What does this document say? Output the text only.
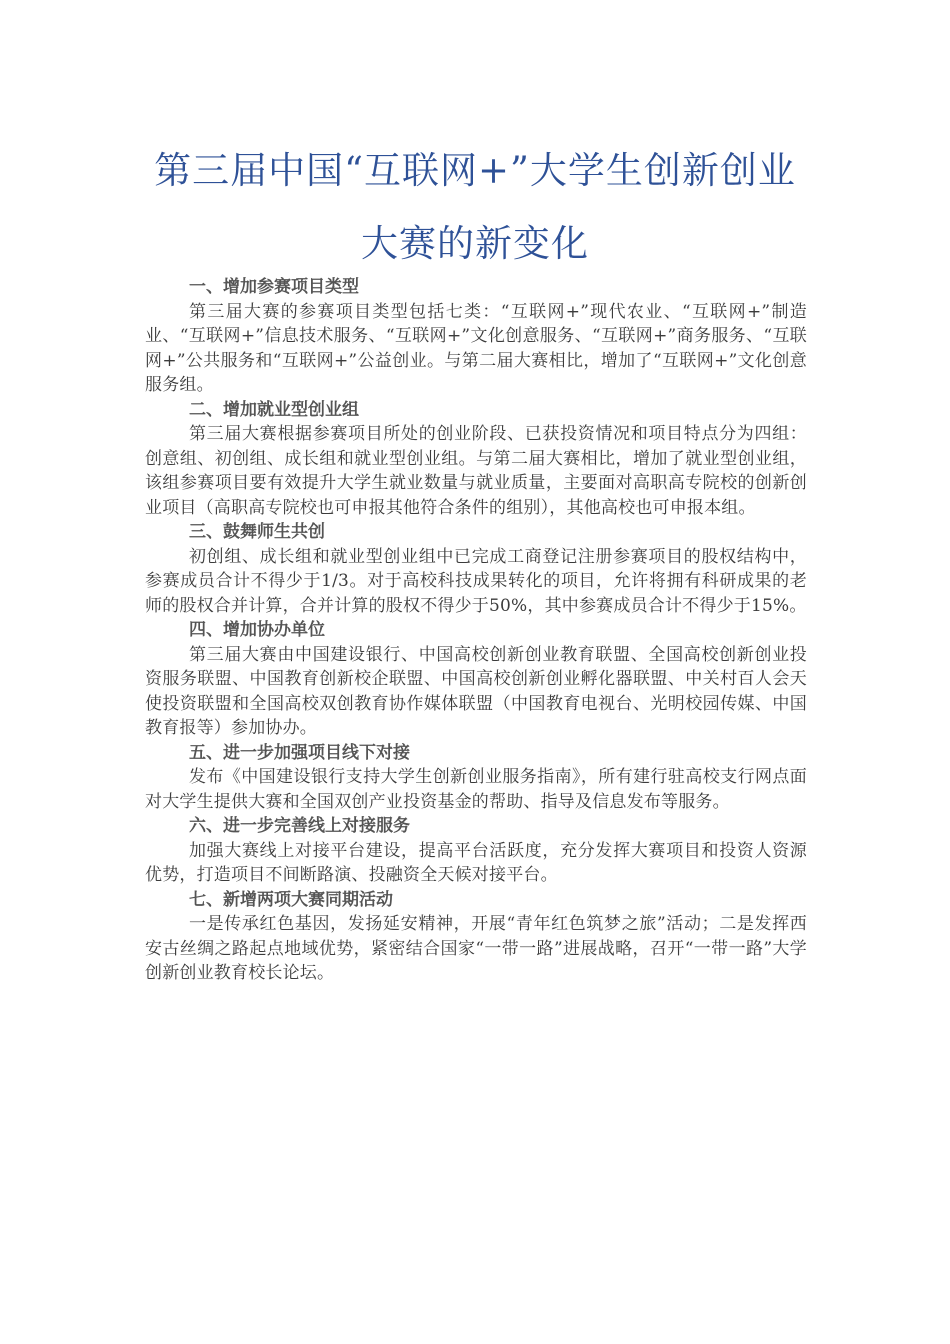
第三届中国“互联网+”大学生创新创业
大赛的新变化

一、增加参赛项目类型

第三届大赛的参赛项目类型包括七类：“互联网+”现代农业、“互联网+”制造业、“互联网+”信息技术服务、“互联网+”文化创意服务、“互联网+”商务服务、“互联网+”公共服务和“互联网+”公益创业。与第二届大赛相比，增加了“互联网+”文化创意服务组。

二、增加就业型创业组

第三届大赛根据参赛项目所处的创业阶段、已获投资情况和项目特点分为四组：创意组、初创组、成长组和就业型创业组。与第二届大赛相比，增加了就业型创业组，该组参赛项目要有效提升大学生就业数量与就业质量，主要面对高职高专院校的创新创业项目（高职高专院校也可申报其他符合条件的组别），其他高校也可申报本组。

三、鼓舞师生共创

初创组、成长组和就业型创业组中已完成工商登记注册参赛项目的股权结构中，参赛成员合计不得少于1/3。对于高校科技成果转化的项目，允许将拥有科研成果的老师的股权合并计算，合并计算的股权不得少于50%，其中参赛成员合计不得少于15%。

四、增加协办单位

第三届大赛由中国建设银行、中国高校创新创业教育联盟、全国高校创新创业投资服务联盟、中国教育创新校企联盟、中国高校创新创业孵化器联盟、中关村百人会天使投资联盟和全国高校双创教育协作媒体联盟（中国教育电视台、光明校园传媒、中国教育报等）参加协办。

五、进一步加强项目线下对接

发布《中国建设银行支持大学生创新创业服务指南》，所有建行驻高校支行网点面对大学生提供大赛和全国双创产业投资基金的帮助、指导及信息发布等服务。

六、进一步完善线上对接服务

加强大赛线上对接平台建设，提高平台活跃度，充分发挥大赛项目和投资人资源优势，打造项目不间断路演、投融资全天候对接平台。

七、新增两项大赛同期活动

一是传承红色基因，发扬延安精神，开展“青年红色筑梦之旅”活动；二是发挥西安古丝绸之路起点地域优势，紧密结合国家“一带一路”进展战略，召开“一带一路”大学创新创业教育校长论坛。
